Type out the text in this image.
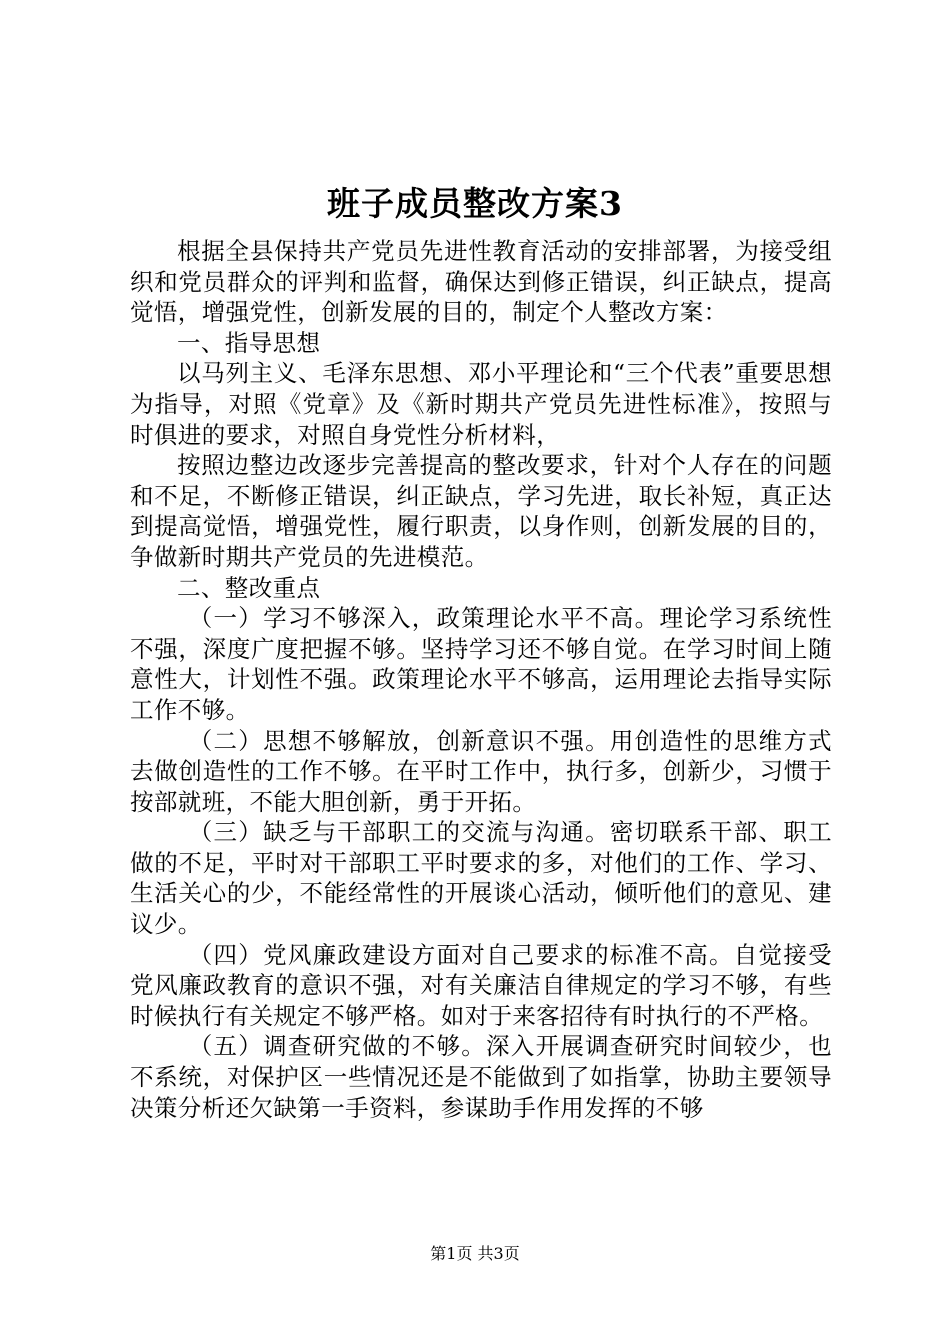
班子成员整改方案3

根据全县保持共产党员先进性教育活动的安排部署，为接受组织和党员群众的评判和监督，确保达到修正错误，纠正缺点，提高觉悟，增强党性，创新发展的目的，制定个人整改方案：

一、指导思想

以马列主义、毛泽东思想、邓小平理论和“三个代表”重要思想为指导，对照《党章》及《新时期共产党员先进性标准》，按照与时俱进的要求，对照自身党性分析材料，

按照边整边改逐步完善提高的整改要求，针对个人存在的问题和不足，不断修正错误，纠正缺点，学习先进，取长补短，真正达到提高觉悟，增强党性，履行职责，以身作则，创新发展的目的，争做新时期共产党员的先进模范。

二、整改重点

（一）学习不够深入，政策理论水平不高。理论学习系统性不强，深度广度把握不够。坚持学习还不够自觉。在学习时间上随意性大，计划性不强。政策理论水平不够高，运用理论去指导实际工作不够。

（二）思想不够解放，创新意识不强。用创造性的思维方式去做创造性的工作不够。在平时工作中，执行多，创新少，习惯于按部就班，不能大胆创新，勇于开拓。

（三）缺乏与干部职工的交流与沟通。密切联系干部、职工做的不足，平时对干部职工平时要求的多，对他们的工作、学习、生活关心的少，不能经常性的开展谈心活动，倾听他们的意见、建议少。

（四）党风廉政建设方面对自己要求的标准不高。自觉接受党风廉政教育的意识不强，对有关廉洁自律规定的学习不够，有些时候执行有关规定不够严格。如对于来客招待有时执行的不严格。

（五）调查研究做的不够。深入开展调查研究时间较少，也不系统，对保护区一些情况还是不能做到了如指掌，协助主要领导决策分析还欠缺第一手资料，参谋助手作用发挥的不够

第1页 共3页
